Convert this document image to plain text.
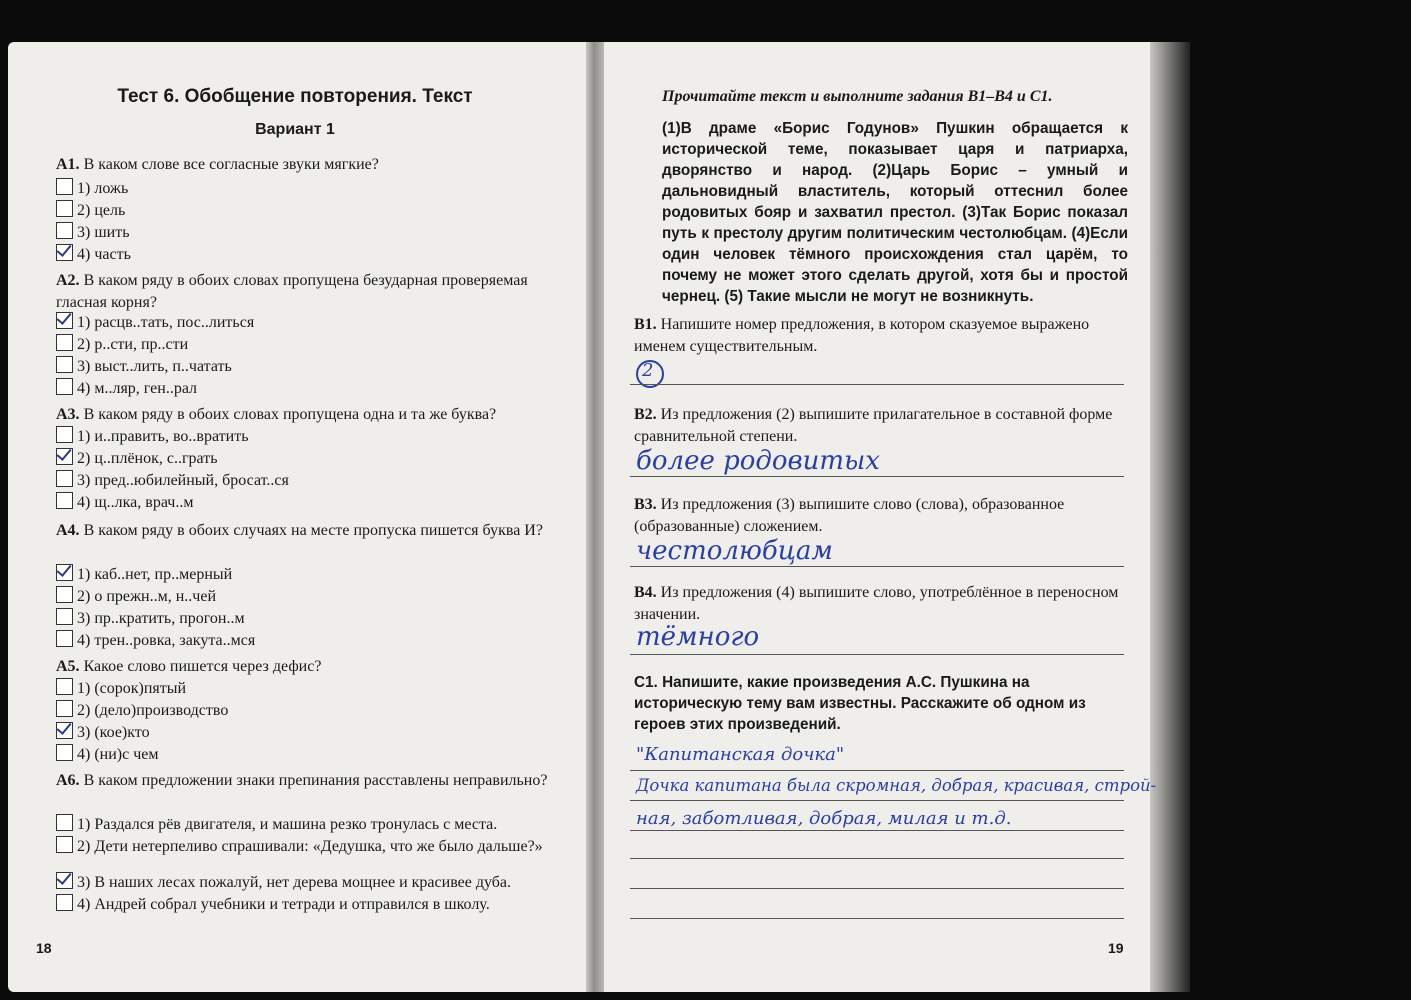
Тест 6. Обобщение повторения. Текст
Вариант 1
А1. В каком слове все согласные звуки мягкие?
1) ложь
2) цель
3) шить
4) часть
А2. В каком ряду в обоих словах пропущена безударная проверяемая гласная корня?
1) расцв..тать, пос..литься
2) р..сти, пр..сти
3) выст..лить, п..чатать
4) м..ляр, ген..рал
А3. В каком ряду в обоих словах пропущена одна и та же буква?
1) и..править, во..вратить
2) ц..плёнок, с..грать
3) пред..юбилейный, бросат..ся
4) щ..лка, врач..м
А4. В каком ряду в обоих случаях на месте пропуска пишется буква И?
1) каб..нет, пр..мерный
2) о прежн..м, н..чей
3) пр..кратить, прогон..м
4) трен..ровка, закута..мся
А5. Какое слово пишется через дефис?
1) (сорок)пятый
2) (дело)производство
3) (кое)кто
4) (ни)с чем
А6. В каком предложении знаки препинания расставлены неправильно?
1) Раздался рёв двигателя, и машина резко тронулась с места.
2) Дети нетерпеливо спрашивали: «Дедушка, что же было дальше?»
3) В наших лесах пожалуй, нет дерева мощнее и красивее дуба.
4) Андрей собрал учебники и тетради и отправился в школу.
18
Прочитайте текст и выполните задания В1–В4 и С1.
(1)В драме «Борис Годунов» Пушкин обращается к исторической теме, показывает царя и патриарха, дворянство и народ. (2)Царь Борис – умный и дальновидный властитель, который оттеснил более родовитых бояр и захватил престол. (3)Так Борис показал путь к престолу другим политическим честолюбцам. (4)Если один человек тёмного происхождения стал царём, то почему не может этого сделать другой, хотя бы и простой чернец. (5) Такие мысли не могут не возникнуть.
В1. Напишите номер предложения, в котором сказуемое выражено именем существительным.
2
В2. Из предложения (2) выпишите прилагательное в составной форме сравнительной степени.
более родовитых
В3. Из предложения (3) выпишите слово (слова), образованное (образованные) сложением.
честолюбцам
В4. Из предложения (4) выпишите слово, употреблённое в переносном значении.
тёмного
С1. Напишите, какие произведения А.С. Пушкина на историческую тему вам известны. Расскажите об одном из героев этих произведений.
"Капитанская дочка"
Дочка капитана была скромная, добрая, красивая, строй-
ная, заботливая, добрая, милая и т.д.
19
